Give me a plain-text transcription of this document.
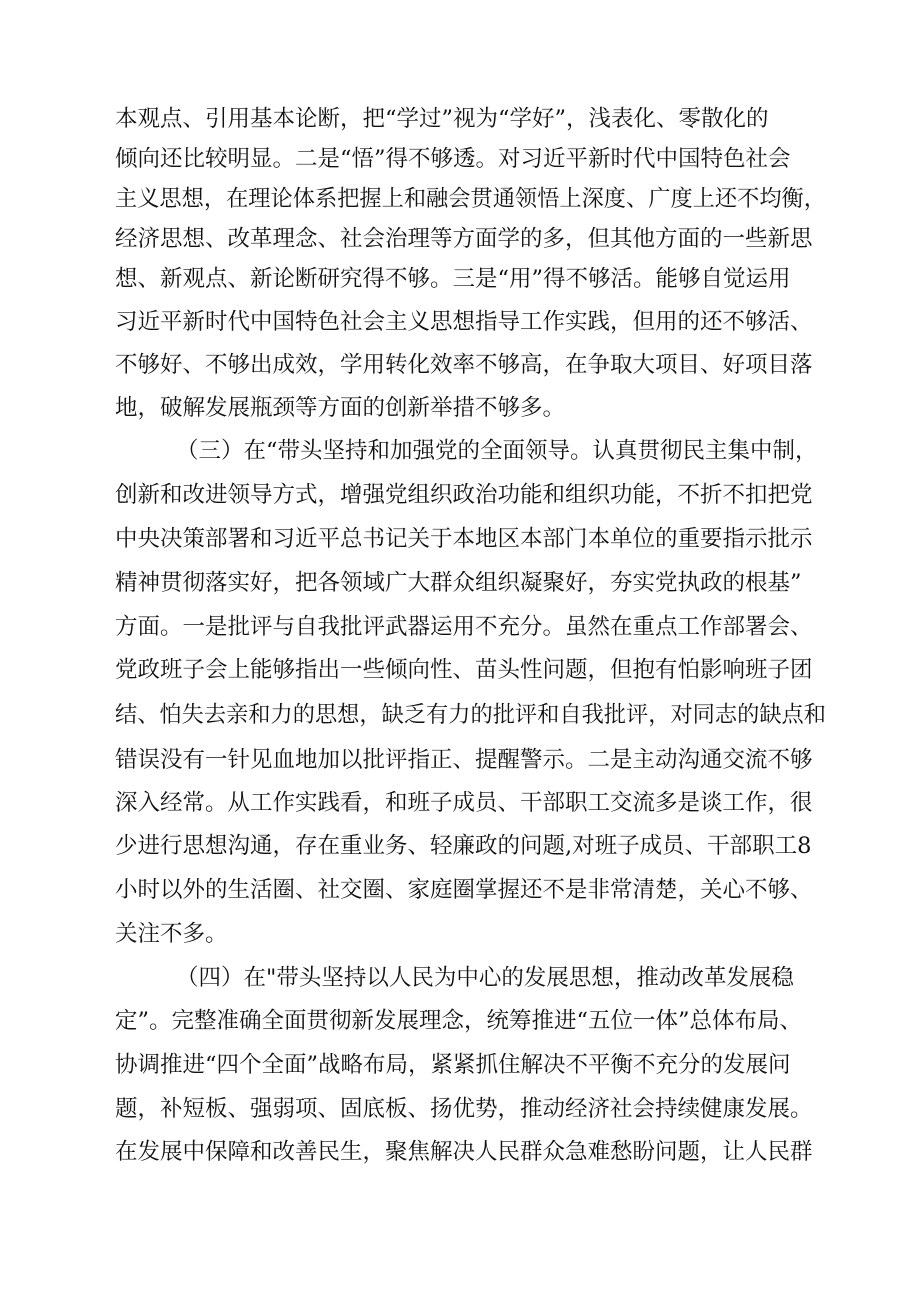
本观点、引用基本论断，把“学过”视为“学好”，浅表化、零散化的
倾向还比较明显。二是“悟”得不够透。对习近平新时代中国特色社会
主义思想，在理论体系把握上和融会贯通领悟上深度、广度上还不均衡，
经济思想、改革理念、社会治理等方面学的多，但其他方面的一些新思
想、新观点、新论断研究得不够。三是“用”得不够活。能够自觉运用
习近平新时代中国特色社会主义思想指导工作实践，但用的还不够活、
不够好、不够出成效，学用转化效率不够高，在争取大项目、好项目落
地，破解发展瓶颈等方面的创新举措不够多。
（三）在“带头坚持和加强党的全面领导。认真贯彻民主集中制，
创新和改进领导方式，增强党组织政治功能和组织功能，不折不扣把党
中央决策部署和习近平总书记关于本地区本部门本单位的重要指示批示
精神贯彻落实好，把各领域广大群众组织凝聚好，夯实党执政的根基”
方面。一是批评与自我批评武器运用不充分。虽然在重点工作部署会、
党政班子会上能够指出一些倾向性、苗头性问题，但抱有怕影响班子团
结、怕失去亲和力的思想，缺乏有力的批评和自我批评，对同志的缺点和
错误没有一针见血地加以批评指正、提醒警示。二是主动沟通交流不够
深入经常。从工作实践看，和班子成员、干部职工交流多是谈工作，很
少进行思想沟通，存在重业务、轻廉政的问题,对班子成员、干部职工8
小时以外的生活圈、社交圈、家庭圈掌握还不是非常清楚，关心不够、
关注不多。
（四）在"带头坚持以人民为中心的发展思想，推动改革发展稳
定”。完整准确全面贯彻新发展理念，统筹推进“五位一体”总体布局、
协调推进“四个全面”战略布局，紧紧抓住解决不平衡不充分的发展问
题，补短板、强弱项、固底板、扬优势，推动经济社会持续健康发展。
在发展中保障和改善民生，聚焦解决人民群众急难愁盼问题，让人民群
